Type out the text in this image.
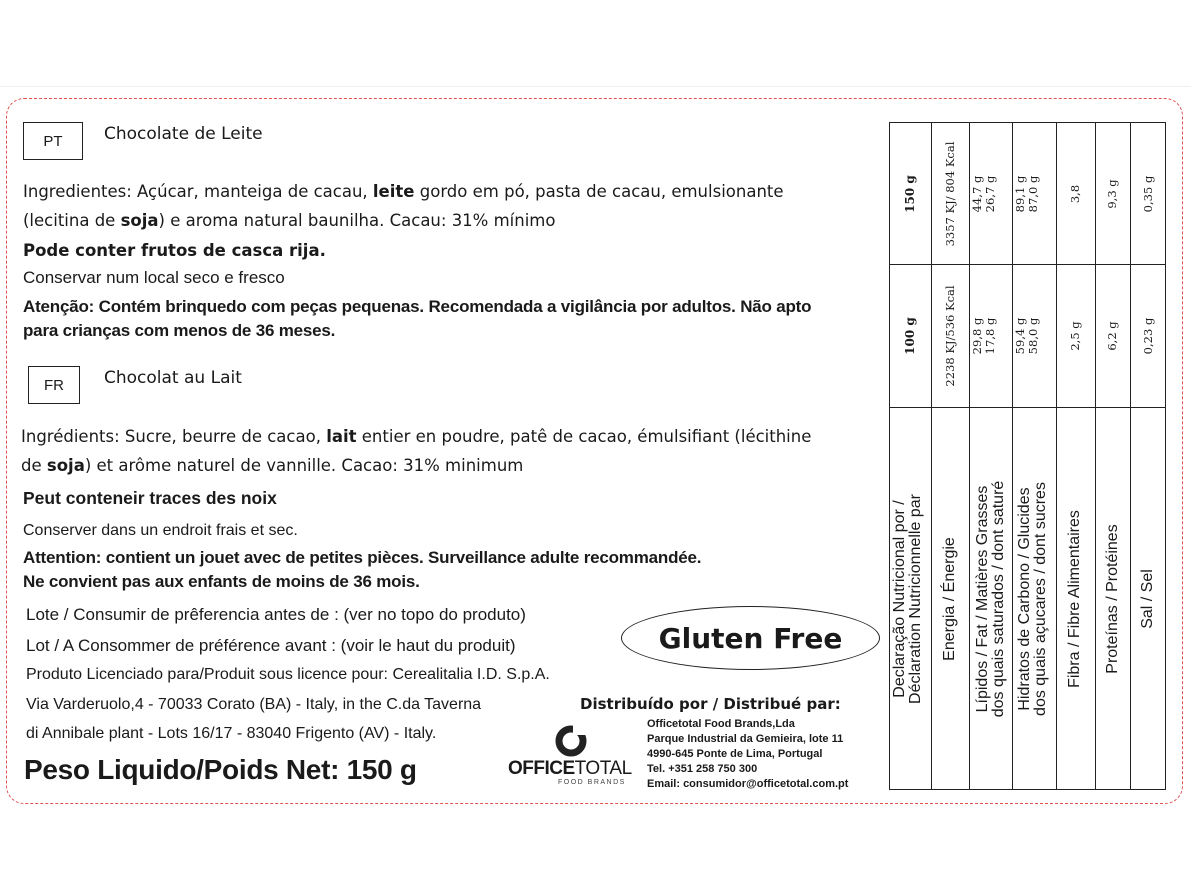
PT Chocolate de Leite
Ingredientes: Açúcar, manteiga de cacau, leite gordo em pó, pasta de cacau, emulsionante
(lecitina de soja) e aroma natural baunilha. Cacau: 31% mínimo
Pode conter frutos de casca rija.
Conservar num local seco e fresco
Atenção: Contém brinquedo com peças pequenas. Recomendada a vigilância por adultos. Não apto
para crianças com menos de 36 meses.
FR Chocolat au Lait
Ingrédients: Sucre, beurre de cacao, lait entier en poudre, patê de cacao, émulsifiant (lécithine
de soja) et arôme naturel de vannille. Cacao: 31% minimum
Peut conteneir traces des noix
Conserver dans un endroit frais et sec.
Attention: contient un jouet avec de petites pièces. Surveillance adulte recommandée.
Ne convient pas aux enfants de moins de 36 mois.
Lote / Consumir de prêferencia antes de : (ver no topo do produto)
Lot / A Consommer de préférence avant : (voir le haut du produit)
Produto Licenciado para/Produit sous licence pour: Cerealitalia I.D. S.p.A.
Via Varderuolo,4 - 70033 Corato (BA) - Italy, in the C.da Taverna
di Annibale plant - Lots 16/17 - 83040 Frigento (AV) - Italy.
Peso Liquido/Poids Net: 150 g
Gluten Free
Distribuído por / Distribué par:
Officetotal Food Brands,Lda
Parque Industrial da Gemieira, lote 11
4990-645 Ponte de Lima, Portugal
Tel. +351 258 750 300
Email: consumidor@officetotal.com.pt
OFFICETOTAL
FOOD BRANDS
150 g 3357 KJ/ 804 Kcal 44,7 g 26,7 g 89,1 g 87,0 g 3,8 9,3 g 0,35 g
100 g 2238 KJ/536 Kcal 29,8 g 17,8 g 59,4 g 58,0 g 2,5 g 6,2 g 0,23 g
Declaração Nutricional por / Déclaration Nutricionnelle par Energia / Énergie Lípidos / Fat / Matières Grasses dos quais saturados / dont saturé Hidratos de Carbono / Glucides dos quais açucares / dont sucres Fibra / Fibre Alimentaires Proteínas / Protéines Sal / Sel
